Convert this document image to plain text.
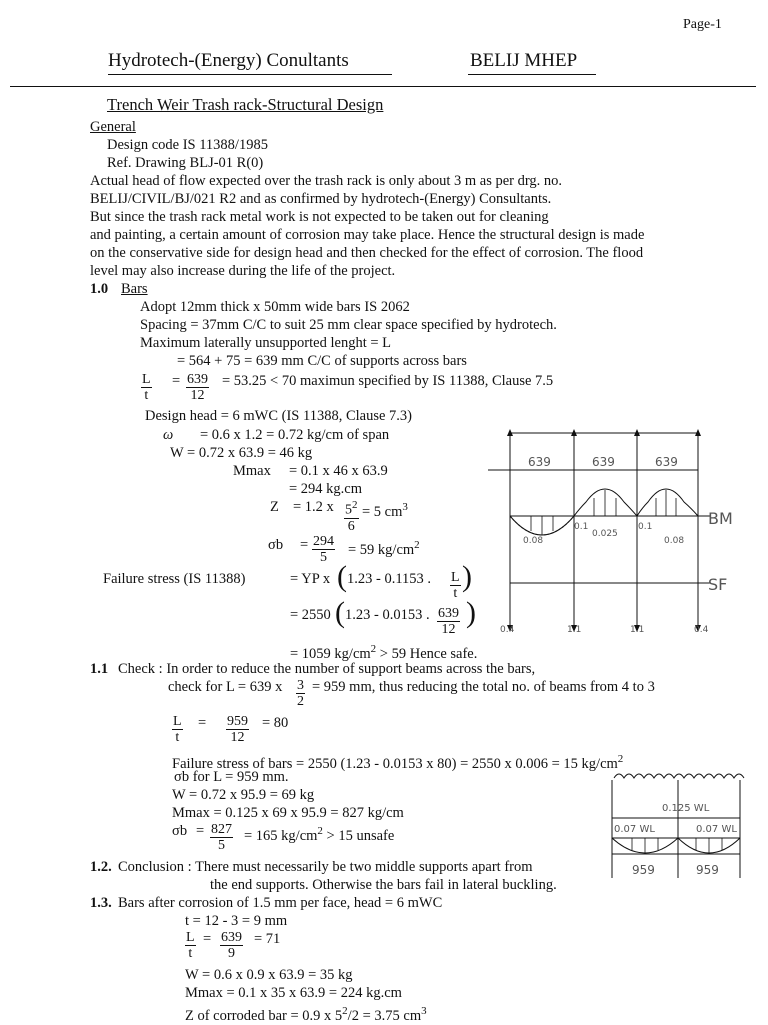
Page-1
Hydrotech-(Energy) Conultants	BELIJ MHEP
Trench Weir Trash rack-Structural Design
General
Design code IS 11388/1985
Ref. Drawing BLJ-01 R(0)
Actual head of flow expected over the trash rack is only about 3 m as per drg. no.
BELIJ/CIVIL/BJ/021 R2 and as confirmed by hydrotech-(Energy) Consultants.
But since the trash rack metal work is not expected to be taken out for cleaning
and painting, a certain amount of corrosion may take place. Hence the structural design is made
on the conservative side for design head and then checked for the effect of corrosion. The flood
level may also increase during the life of the project.
1.0 Bars
Adopt 12mm thick x 50mm wide bars IS 2062
Spacing = 37mm C/C to suit 25 mm clear space specified by hydrotech.
Maximum laterally unsupported lenght = L
= 564 + 75 = 639 mm C/C of supports across bars
$\frac{L}{t} = \frac{639}{12} = 53.25 < 70$ maximun specified by IS 11388, Clause 7.5
Design head = 6 mWC (IS 11388, Clause 7.3)
ω = 0.6 x 1.2 = 0.72 kg/cm of span
W = 0.72 x 63.9 = 46 kg
Mmax = 0.1 x 46 x 63.9
= 294 kg.cm
Z = 1.2 x $\frac{5^2}{6} = 5$ $cm^3$
$\sigma b = \frac{294}{5} = 59$ $kg/cm^2$
Failure stress (IS 11388)	= YP x ( 1.23 - 0.1153 . $\frac{L}{t}$ )
= 2550 ( 1.23 - 0.0153 . $\frac{639}{12}$ )
= 1059 $kg/cm^2 > 59$ Hence safe.
639	639	639
0.08
0.1
0.025
0.1
0.08
BM
SF
0.4	1.1	1.1	0.4
1.1 Check : In order to reduce the number of support beams across the bars,
check for L = 639 x $\frac{3}{2} = 959$ mm, thus reducing the total no. of beams from 4 to 3
$\frac{L}{t} = \frac{959}{12} = 80$
Failure stress of bars = 2550 (1.23 - 0.0153 x 80) = 2550 x 0.006 = 15 $kg/cm^2$
σb for L = 959 mm.
W = 0.72 x 95.9 = 69 kg
Mmax = 0.125 x 69 x 95.9 = 827 kg/cm
$\sigma b = \frac{827}{5} = 165$ $kg/cm^2 > 15$ unsafe
0.125 WL
0.07 WL	0.07 WL
959	959
1.2. Conclusion : There must necessarily be two middle supports apart from
the end supports. Otherwise the bars fail in lateral buckling.
1.3. Bars after corrosion of 1.5 mm per face, head = 6 mWC
t = 12 - 3 = 9 mm
$\frac{L}{t} = \frac{639}{9} = 71$
W = 0.6 x 0.9 x 63.9 = 35 kg
Mmax = 0.1 x 35 x 63.9 = 224 kg.cm
Z of corroded bar = 0.9 x $5^2/2 = 3.75$ $cm^3$
